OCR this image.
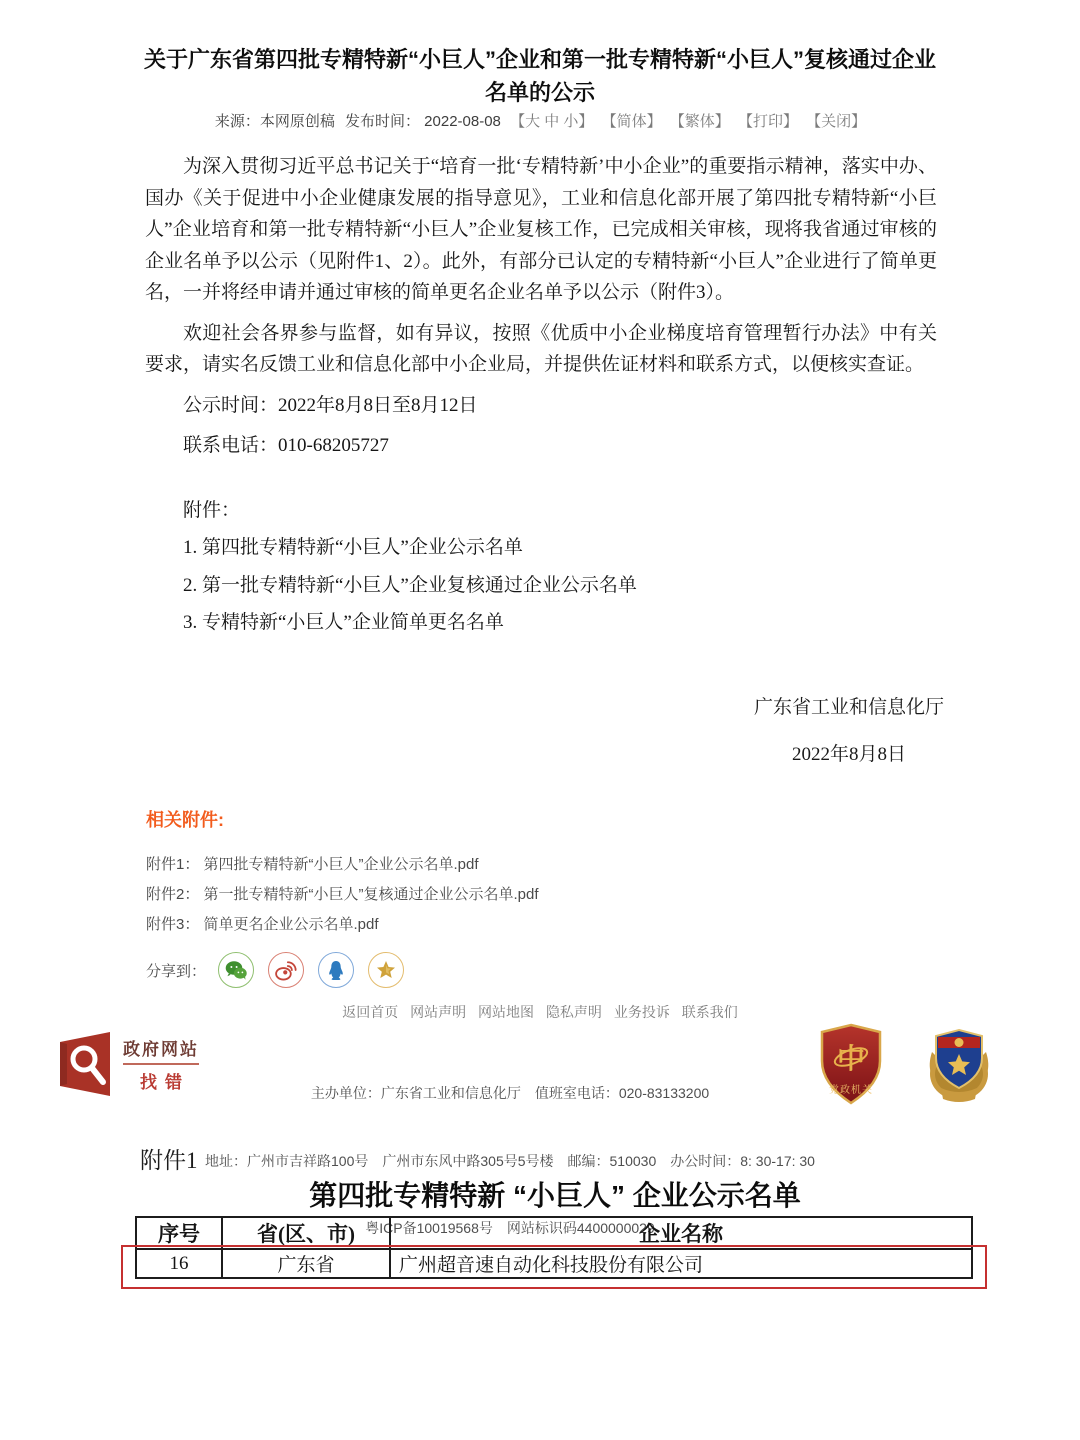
关于广东省第四批专精特新“小巨人”企业和第一批专精特新“小巨人”复核通过企业名单的公示
来源：本网原创稿 发布时间： 2022-08-08 【大 中 小】 【简体】 【繁体】 【打印】 【关闭】

为深入贯彻习近平总书记关于“培育一批‘专精特新’中小企业”的重要指示精神，落实中办、国办《关于促进中小企业健康发展的指导意见》，工业和信息化部开展了第四批专精特新“小巨人”企业培育和第一批专精特新“小巨人”企业复核工作，已完成相关审核，现将我省通过审核的企业名单予以公示（见附件1、2）。此外，有部分已认定的专精特新“小巨人”企业进行了简单更名，一并将经申请并通过审核的简单更名企业名单予以公示（附件3）。

欢迎社会各界参与监督，如有异议，按照《优质中小企业梯度培育管理暂行办法》中有关要求，请实名反馈工业和信息化部中小企业局，并提供佐证材料和联系方式，以便核实查证。

公示时间：2022年8月8日至8月12日

联系电话：010-68205727

附件：

1. 第四批专精特新“小巨人”企业公示名单

2. 第一批专精特新“小巨人”企业复核通过企业公示名单

3. 专精特新“小巨人”企业简单更名名单

广东省工业和信息化厅
2022年8月8日
相关附件:
附件1： 第四批专精特新“小巨人”企业公示名单.pdf
附件2： 第一批专精特新“小巨人”复核通过企业公示名单.pdf
附件3： 简单更名企业公示名单.pdf
分享到：
返回首页 网站声明 网站地图 隐私声明 业务投诉 联系我们

主办单位：广东省工业和信息化厅　值班室电话：020-83133200

地址：广州市吉祥路100号　广州市东风中路305号5号楼　邮编：510030　办公时间：8: 30-17: 30

粤ICP备10019568号　网站标识码4400000029

政府网站
找错
中
党政机关
附件1
第四批专精特新 “小巨人” 企业公示名单
序号	省(区、市)	企业名称
16	广东省	广州超音速自动化科技股份有限公司
